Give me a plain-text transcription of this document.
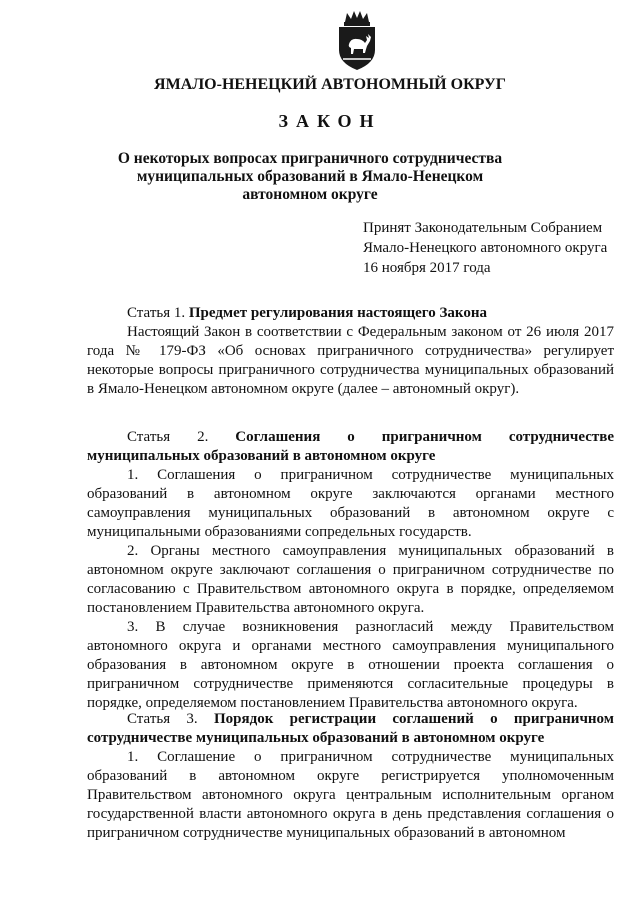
ЯМАЛО-НЕНЕЦКИЙ АВТОНОМНЫЙ ОКРУГ
ЗАКОН
О некоторых вопросах приграничного сотрудничества муниципальных образований в Ямало-Ненецком автономном округе
Принят Законодательным Собранием
Ямало-Ненецкого автономного округа
16 ноября 2017 года

Статья 1. Предмет регулирования настоящего Закона

Настоящий Закон в соответствии с Федеральным законом от 26 июля 2017 года № 179-ФЗ «Об основах приграничного сотрудничества» регулирует некоторые вопросы приграничного сотрудничества муниципальных образований в Ямало-Ненецком автономном округе (далее – автономный округ).

Статья 2. Соглашения о приграничном сотрудничестве муниципальных образований в автономном округе

1. Соглашения о приграничном сотрудничестве муниципальных образований в автономном округе заключаются органами местного самоуправления муниципальных образований в автономном округе с муниципальными образованиями сопредельных государств.

2. Органы местного самоуправления муниципальных образований в автономном округе заключают соглашения о приграничном сотрудничестве по согласованию с Правительством автономного округа в порядке, определяемом постановлением Правительства автономного округа.

3. В случае возникновения разногласий между Правительством автономного округа и органами местного самоуправления муниципального образования в автономном округе в отношении проекта соглашения о приграничном сотрудничестве применяются согласительные процедуры в порядке, определяемом постановлением Правительства автономного округа.

Статья 3. Порядок регистрации соглашений о приграничном сотрудничестве муниципальных образований в автономном округе

1. Соглашение о приграничном сотрудничестве муниципальных образований в автономном округе регистрируется уполномоченным Правительством автономного округа центральным исполнительным органом государственной власти автономного округа в день представления соглашения о приграничном сотрудничестве муниципальных образований в автономном
